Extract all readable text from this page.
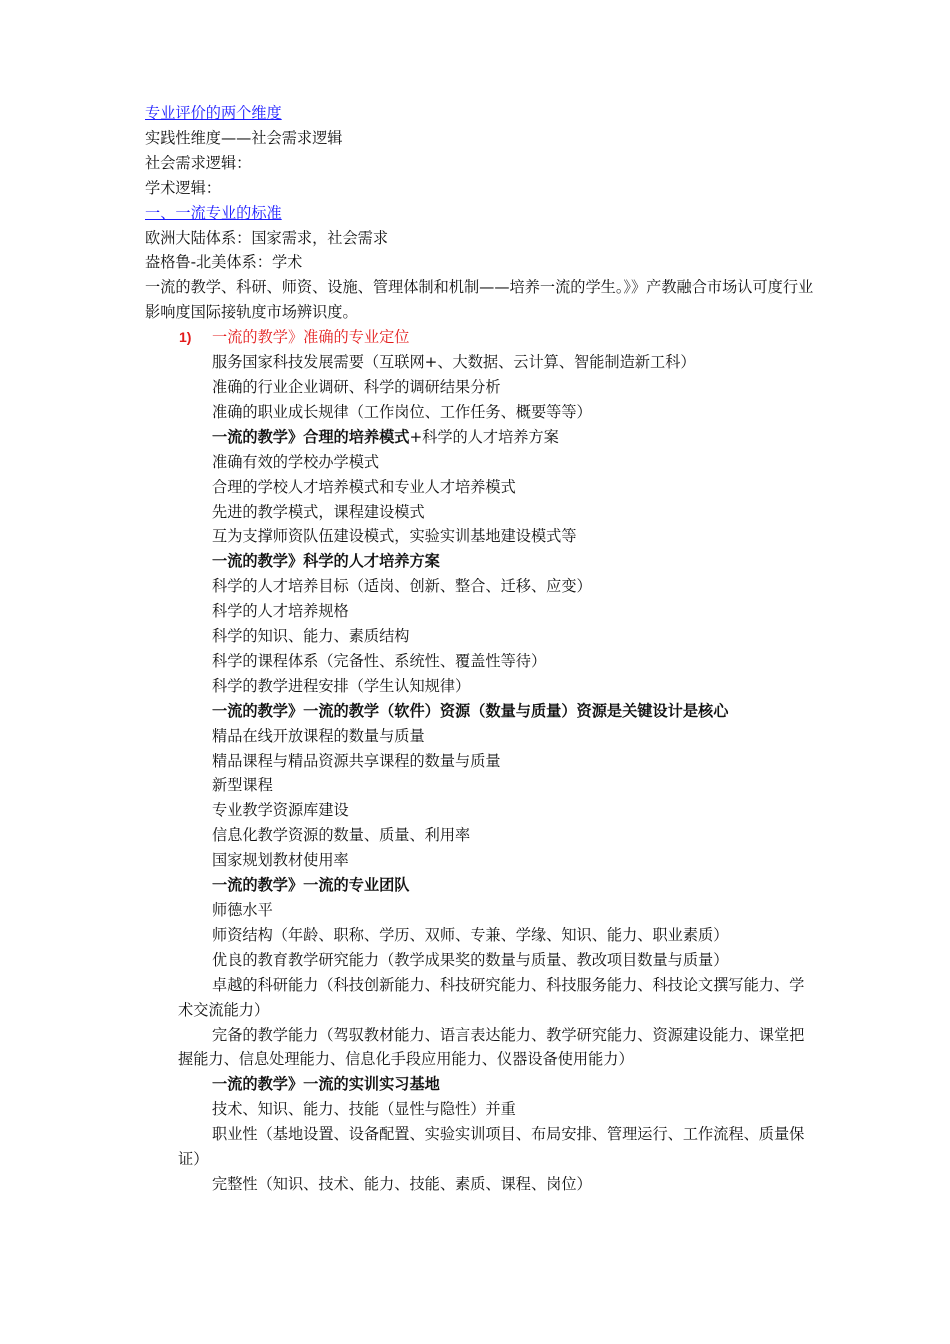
专业评价的两个维度
实践性维度——社会需求逻辑
社会需求逻辑：
学术逻辑：
一、一流专业的标准
欧洲大陆体系：国家需求，社会需求
盎格鲁-北美体系：学术
一流的教学、科研、师资、设施、管理体制和机制——培养一流的学生。》》产教融合市场认可度行业影响度国际接轨度市场辨识度。
1) 一流的教学》准确的专业定位
服务国家科技发展需要（互联网+、大数据、云计算、智能制造新工科）
准确的行业企业调研、科学的调研结果分析
准确的职业成长规律（工作岗位、工作任务、概要等等）
一流的教学》合理的培养模式+科学的人才培养方案
准确有效的学校办学模式
合理的学校人才培养模式和专业人才培养模式
先进的教学模式，课程建设模式
互为支撑师资队伍建设模式，实验实训基地建设模式等
一流的教学》科学的人才培养方案
科学的人才培养目标（适岗、创新、整合、迁移、应变）
科学的人才培养规格
科学的知识、能力、素质结构
科学的课程体系（完备性、系统性、覆盖性等待）
科学的教学进程安排（学生认知规律）
一流的教学》一流的教学（软件）资源（数量与质量）资源是关键设计是核心
精品在线开放课程的数量与质量
精品课程与精品资源共享课程的数量与质量
新型课程
专业教学资源库建设
信息化教学资源的数量、质量、利用率
国家规划教材使用率
一流的教学》一流的专业团队
师德水平
师资结构（年龄、职称、学历、双师、专兼、学缘、知识、能力、职业素质）
优良的教育教学研究能力（教学成果奖的数量与质量、教改项目数量与质量）
卓越的科研能力（科技创新能力、科技研究能力、科技服务能力、科技论文撰写能力、学术交流能力）
完备的教学能力（驾驭教材能力、语言表达能力、教学研究能力、资源建设能力、课堂把握能力、信息处理能力、信息化手段应用能力、仪器设备使用能力）
一流的教学》一流的实训实习基地
技术、知识、能力、技能（显性与隐性）并重
职业性（基地设置、设备配置、实验实训项目、布局安排、管理运行、工作流程、质量保证）
完整性（知识、技术、能力、技能、素质、课程、岗位）
